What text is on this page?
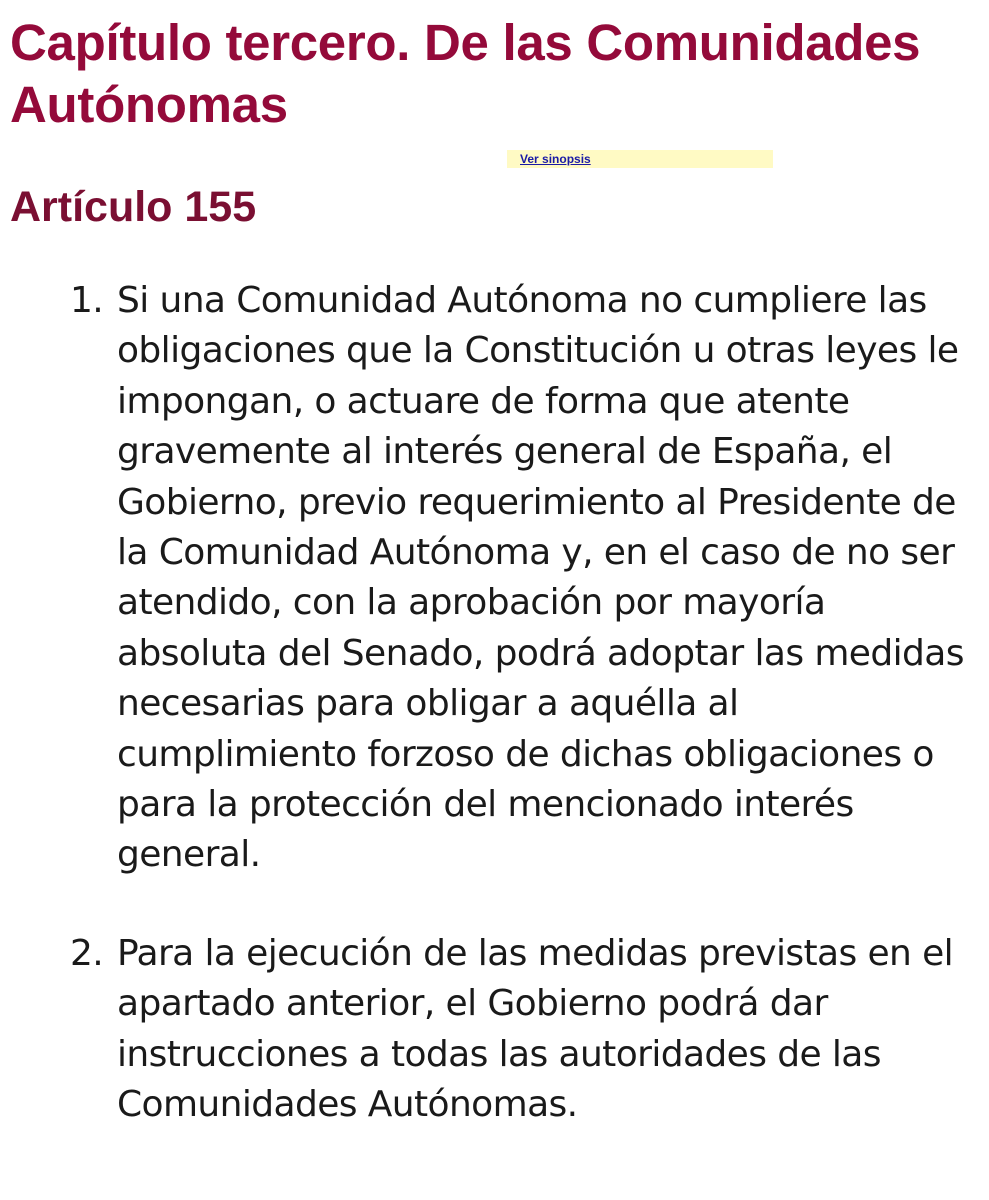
Capítulo tercero. De las Comunidades Autónomas
Ver sinopsis
Artículo 155
1. Si una Comunidad Autónoma no cumpliere las obligaciones que la Constitución u otras leyes le impongan, o actuare de forma que atente gravemente al interés general de España, el Gobierno, previo requerimiento al Presidente de la Comunidad Autónoma y, en el caso de no ser atendido, con la aprobación por mayoría absoluta del Senado, podrá adoptar las medidas necesarias para obligar a aquélla al cumplimiento forzoso de dichas obligaciones o para la protección del mencionado interés general.
2. Para la ejecución de las medidas previstas en el apartado anterior, el Gobierno podrá dar instrucciones a todas las autoridades de las Comunidades Autónomas.
